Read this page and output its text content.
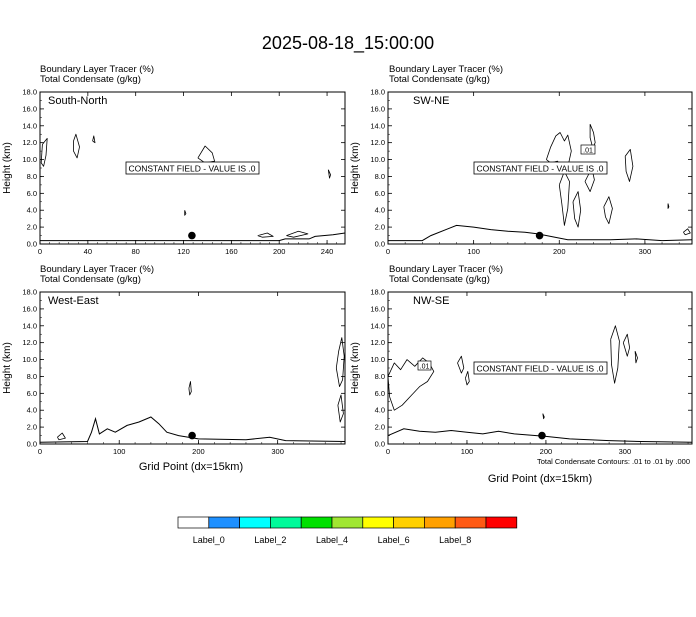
2025-08-18_15:00:00
Boundary Layer Tracer (%)
Total Condensate (g/kg)
0.0
2.0
4.0
6.0
8.0
10.0
12.0
14.0
16.0
18.0
0	40	80	120	160	200	240
Height (km)
South-North
CONSTANT FIELD - VALUE IS .0
Boundary Layer Tracer (%)
Total Condensate (g/kg)
0.0
2.0
4.0
6.0
8.0
10.0
12.0
14.0
16.0
18.0
0	100	200	300
Height (km)
SW-NE
CONSTANT FIELD - VALUE IS .0
.01
Boundary Layer Tracer (%)
Total Condensate (g/kg)
0.0
2.0
4.0
6.0
8.0
10.0
12.0
14.0
16.0
18.0
0	100	200	300
Height (km)
West-East
Grid Point (dx=15km)
Boundary Layer Tracer (%)
Total Condensate (g/kg)
0.0
2.0
4.0
6.0
8.0
10.0
12.0
14.0
16.0
18.0
0	100	200	300
Height (km)
NW-SE
CONSTANT FIELD - VALUE IS .0
.01
Total Condensate Contours: .01 to .01 by .000
Grid Point (dx=15km)
Label_0	Label_2	Label_4	Label_6	Label_8
